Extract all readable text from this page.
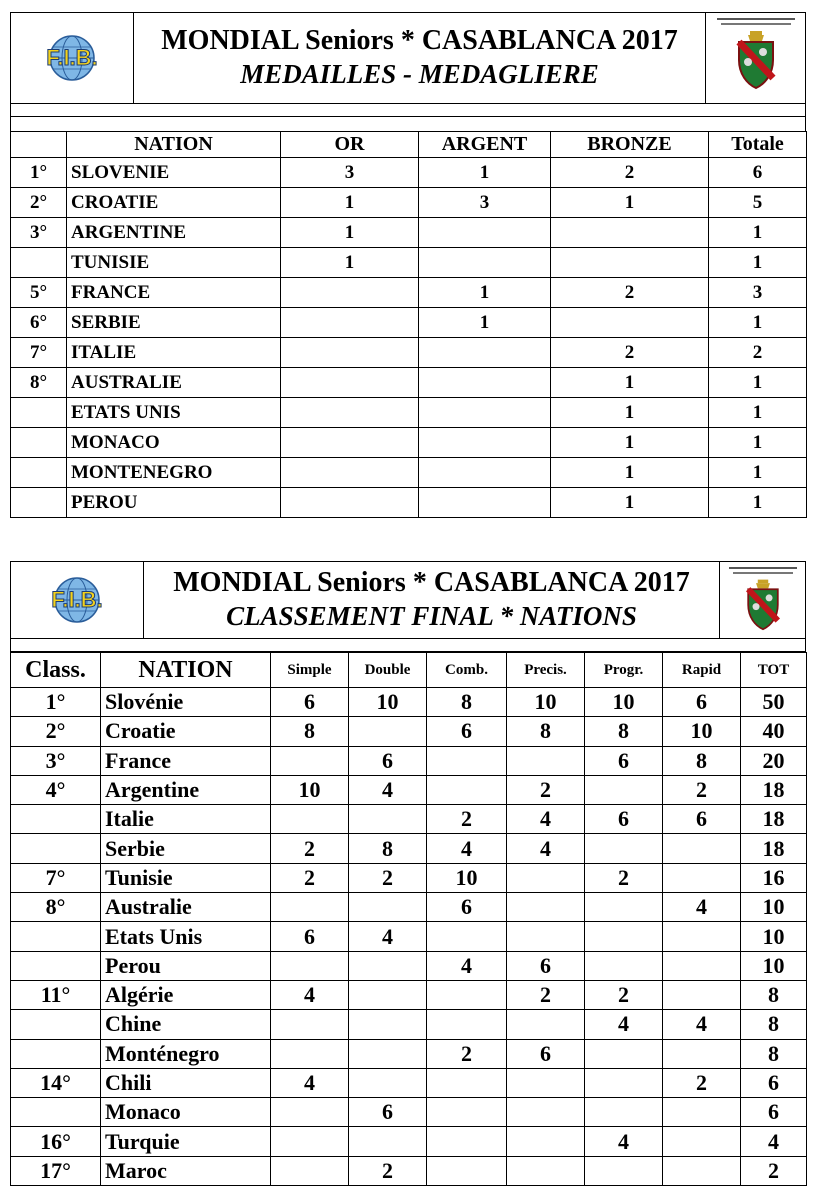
F.I.B.
MONDIAL Seniors * CASABLANCA 2017
MEDAILLES - MEDAGLIERE
	NATION	OR	ARGENT	BRONZE	Totale
1°	SLOVENIE	3	1	2	6
2°	CROATIE	1	3	1	5
3°	ARGENTINE	1			1
	TUNISIE	1			1
5°	FRANCE		1	2	3
6°	SERBIE		1		1
7°	ITALIE			2	2
8°	AUSTRALIE			1	1
	ETATS UNIS			1	1
	MONACO			1	1
	MONTENEGRO			1	1
	PEROU			1	1
F.I.B.
MONDIAL Seniors * CASABLANCA 2017
CLASSEMENT FINAL * NATIONS
Class.	NATION	Simple	Double	Comb.	Precis.	Progr.	Rapid	TOT
1°	Slovénie	6	10	8	10	10	6	50
2°	Croatie	8		6	8	8	10	40
3°	France		6			6	8	20
4°	Argentine	10	4		2		2	18
	Italie			2	4	6	6	18
	Serbie	2	8	4	4			18
7°	Tunisie	2	2	10		2		16
8°	Australie			6			4	10
	Etats Unis	6	4					10
	Perou			4	6			10
11°	Algérie	4			2	2		8
	Chine					4	4	8
	Monténegro			2	6			8
14°	Chili	4					2	6
	Monaco		6					6
16°	Turquie					4		4
17°	Maroc		2					2
